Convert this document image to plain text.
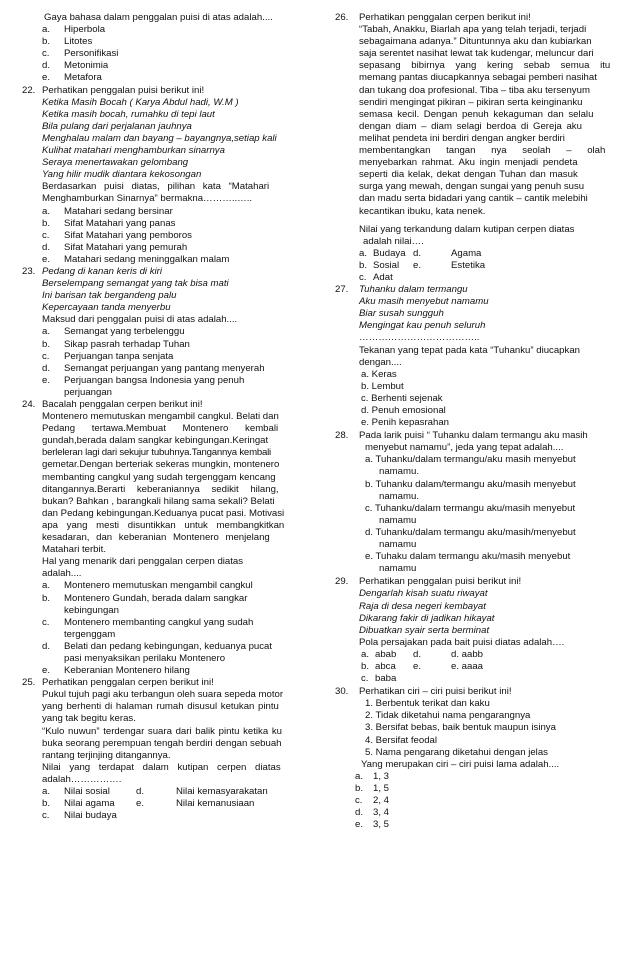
Gaya bahasa dalam penggalan puisi di atas adalah....
a.	Hiperbola
b.	Litotes
c.	Personifikasi
d.	Metonimia
e.	Metafora
22. Perhatikan penggalan puisi berikut ini!
Ketika Masih Bocah ( Karya Abdul hadi, W.M )
Ketika masih bocah, rumahku di tepi laut
Bila pulang dari perjalanan jauhnya
Menghalau malam dan bayang – bayangnya,setiap kali
Kulihat matahari menghamburkan sinarnya
Seraya menertawakan gelombang
Yang hilir mudik diantara kekosongan
Berdasarkan puisi diatas, pilihan kata “Matahari
Menghamburkan Sinarnya” bermakna………..…..
a.	Matahari sedang bersinar
b.	Sifat Matahari yang panas
c.	Sifat Matahari yang pemboros
d.	Sifat Matahari yang pemurah
e.	Matahari sedang meninggalkan malam
23. Pedang di kanan keris di kiri
Berselempang semangat yang tak bisa mati
Ini barisan tak bergandeng palu
Kepercayaan tanda menyerbu
Maksud dari penggalan puisi di atas adalah....
a.	Semangat yang terbelenggu
b.	Sikap pasrah terhadap Tuhan
c.	Perjuangan tanpa senjata
d.	Semangat perjuangan yang pantang menyerah
e.	Perjuangan bangsa Indonesia yang penuh
perjuangan
24. Bacalah penggalan cerpen berikut ini!
Montenero memutuskan mengambil cangkul. Belati dan
Pedang tertawa.Membuat Montenero kembali
gundah,berada dalam sangkar kebingungan.Keringat
berleleran lagi dari sekujur tubuhnya.Tangannya kembali
gemetar.Dengan berteriak sekeras mungkin, montenero
membanting cangkul yang sudah tergenggam kencang
ditangannya.Berarti keberaniannya sedikit hilang,
bukan? Bahkan , barangkali hilang sama sekali? Belati
dan Pedang kebingungan.Keduanya pucat pasi. Motivasi
apa yang mesti disuntikkan untuk membangkitkan
kesadaran, dan keberanian Montenero menjelang
Matahari terbit.
Hal yang menarik dari penggalan cerpen diatas
adalah....
a.	Montenero memutuskan mengambil cangkul
b.	Montenero Gundah, berada dalam sangkar
kebingungan
c.	Montenero membanting cangkul yang sudah
tergenggam
d.	Belati dan pedang kebingungan, keduanya pucat
pasi menyaksikan perilaku Montenero
e.	Keberanian Montenero hilang
25. Perhatikan penggalan cerpen berikut ini!
Pukul tujuh pagi aku terbangun oleh suara sepeda motor
yang berhenti di halaman rumah disusul ketukan pintu
yang tak begitu keras.
“Kulo nuwun” terdengar suara dari balik pintu ketika ku
buka seorang perempuan tengah berdiri dengan sebuah
rantang terjinjing ditangannya.
Nilai yang terdapat dalam kutipan cerpen diatas
adalah…………….
a. Nilai sosial	d.	Nilai kemasyarakatan
b. Nilai agama e.	Nilai kemanusiaan
c. Nilai budaya
26. Perhatikan penggalan cerpen berikut ini!
“Tabah, Anakku, Biarlah apa yang telah terjadi, terjadi
sebagaimana adanya.” Dituntunnya aku dan kubiarkan
saja serentet nasihat lewat tak kudengar, meluncur dari
sepasang bibirnya yang kering sebab semua itu
memang pantas diucapkannya sebagai pemberi nasihat
dan tukang doa profesional. Tiba – tiba aku tersenyum
sendiri mengingat pikiran – pikiran serta keinginanku
semasa kecil. Dengan penuh kekaguman dan selalu
dengan diam – diam selagi berdoa di Gereja aku
melihat pendeta ini berdiri dengan angker berdiri
membentangkan tangan nya seolah – olah
menyebarkan rahmat. Aku ingin menjadi pendeta
seperti dia kelak, dekat dengan Tuhan dan masuk
surga yang mewah, dengan sungai yang penuh susu
dan madu serta bidadari yang cantik – cantik melebihi
kecantikan ibuku, kata nenek.
Nilai yang terkandung dalam kutipan cerpen diatas
adalah nilai….
a. Budaya d.	Agama
b. Sosial e.	Estetika
c. Adat
27. Tuhanku dalam termangu
Aku masih menyebut namamu
Biar susah sungguh
Mengingat kau penuh seluruh
………………………………..
Tekanan yang tepat pada kata “Tuhanku” diucapkan
dengan....
a. Keras
b. Lembut
c. Berhenti sejenak
d. Penuh emosional
e. Penih kepasrahan
28. Pada larik puisi “ Tuhanku dalam termangu aku masih
menyebut namamu”, jeda yang tepat adalah....
a. Tuhanku/dalam termangu/aku masih menyebut
namamu.
b. Tuhanku dalam/termangu aku/masih menyebut
namamu.
c. Tuhanku/dalam termangu aku/masih menyebut
namamu
d. Tuhanku/dalam termangu aku/masih/menyebut
namamu
e. Tuhaku dalam termangu aku/masih menyebut
namamu
29. Perhatikan penggalan puisi berikut ini!
Dengarlah kisah suatu riwayat
Raja di desa negeri kembayat
Dikarang fakir di jadikan hikayat
Dibuatkan syair serta berminat
Pola persajakan pada bait puisi diatas adalah….
a. abab d.	d. aabb
b. abca e.	e. aaaa
c. baba
30. Perhatikan ciri – ciri puisi berikut ini!
1. Berbentuk terikat dan kaku
2. Tidak diketahui nama pengarangnya
3. Bersifat bebas, baik bentuk maupun isinya
4. Bersifat feodal
5. Nama pengarang diketahui dengan jelas
Yang merupakan ciri – ciri puisi lama adalah....
a.	1, 3
b.	1, 5
c.	2, 4
d.	3, 4
e.	3, 5
